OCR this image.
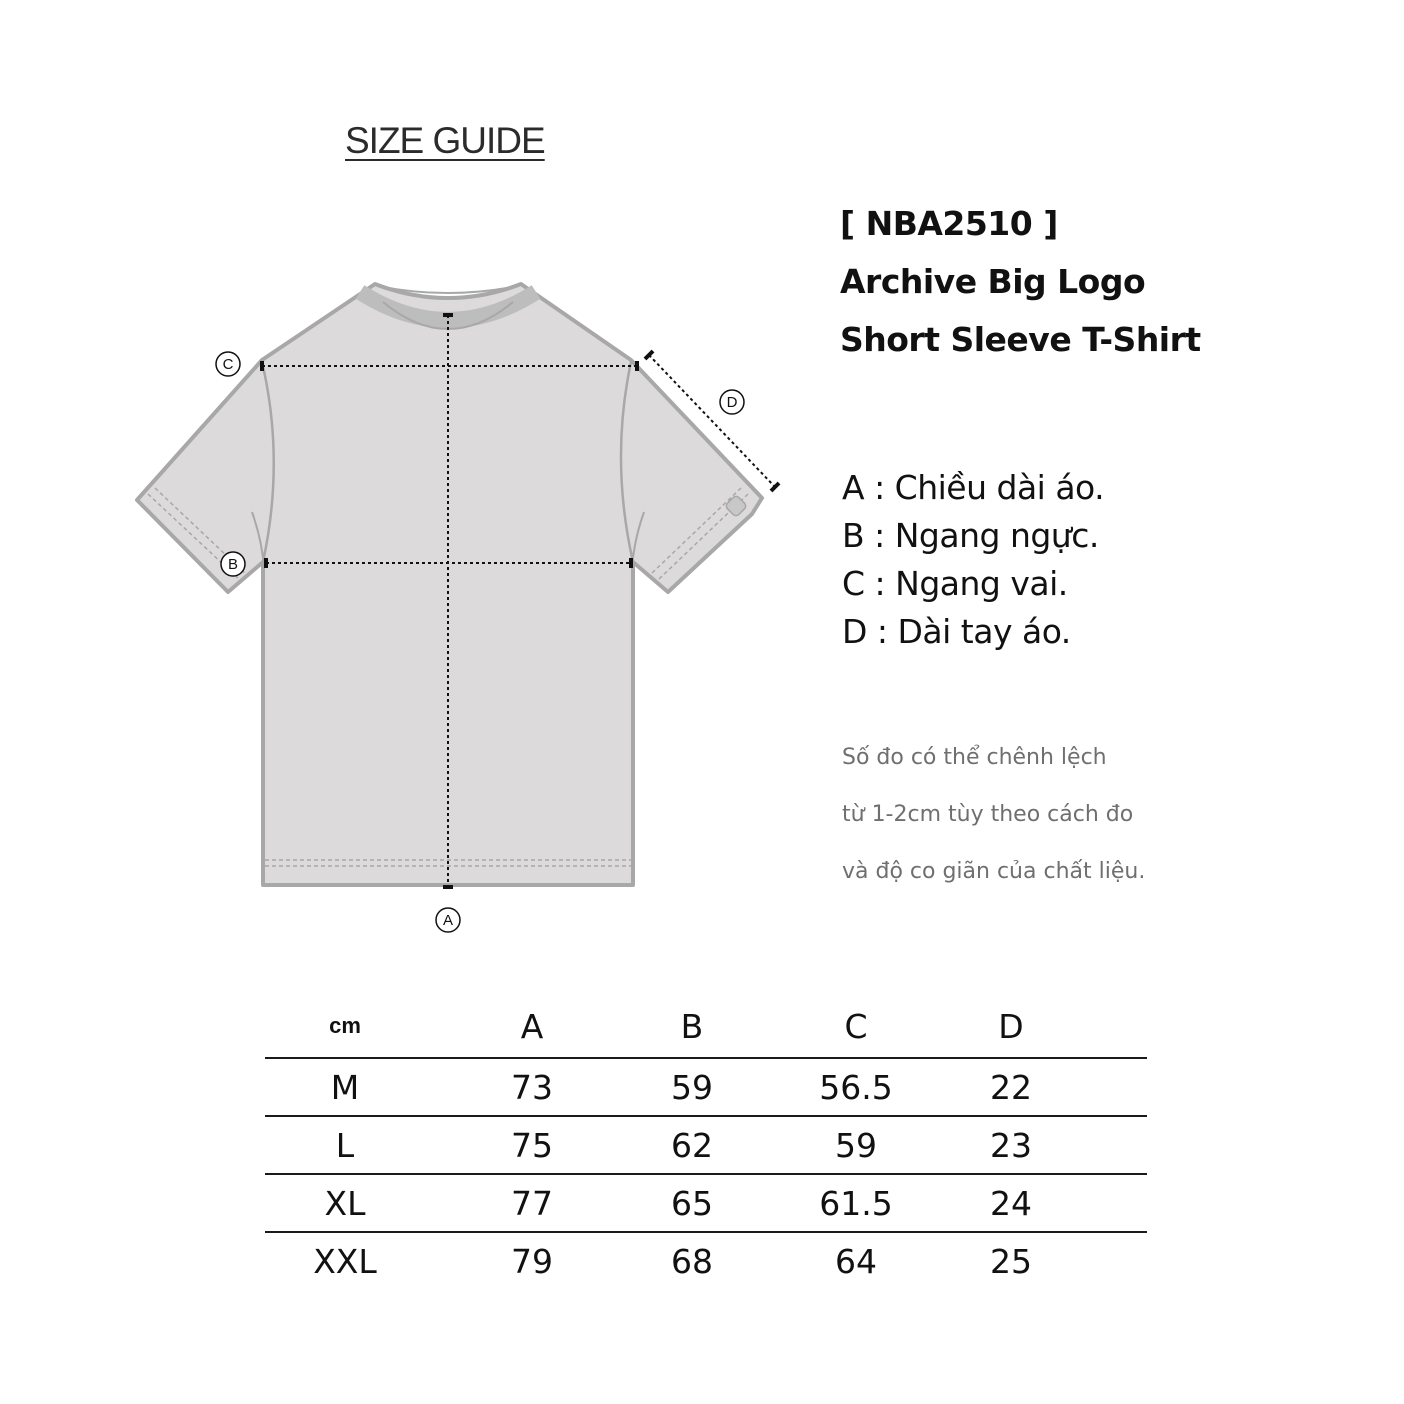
SIZE GUIDE
[ NBA2510 ]
Archive Big Logo
Short Sleeve T-Shirt
A
B
C
D
A : Chiều dài áo.
B : Ngang ngực.
C : Ngang vai.
D : Dài tay áo.
Số đo có thể chênh lệch
từ 1-2cm tùy theo cách đo
và độ co giãn của chất liệu.
cm	A	B	C	D
M	73	59	56.5	22
L	75	62	59	23
XL	77	65	61.5	24
XXL	79	68	64	25
